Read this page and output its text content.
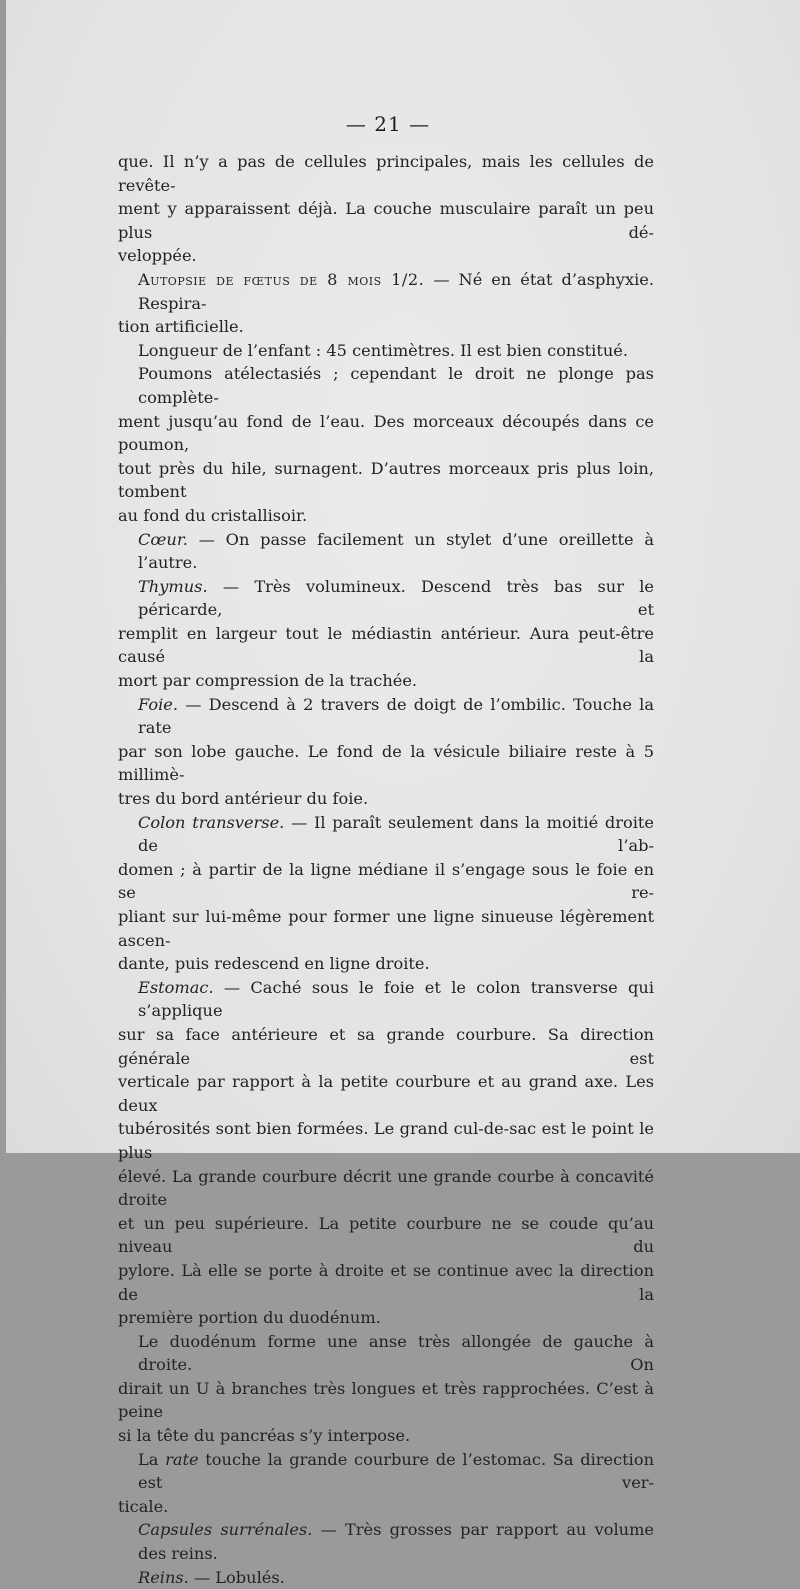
— 21 —
que. Il n’y a pas de cellules principales, mais les cellules de revête-
ment y apparaissent déjà. La couche musculaire paraît un peu plus dé-
veloppée.
Autopsie de fœtus de 8 mois 1/2. — Né en état d’asphyxie. Respira-
tion artificielle.
Longueur de l’enfant : 45 centimètres. Il est bien constitué.
Poumons atélectasiés ; cependant le droit ne plonge pas complète-
ment jusqu’au fond de l’eau. Des morceaux découpés dans ce poumon,
tout près du hile, surnagent. D’autres morceaux pris plus loin, tombent
au fond du cristallisoir.
Cœur. — On passe facilement un stylet d’une oreillette à l’autre.
Thymus. — Très volumineux. Descend très bas sur le péricarde, et
remplit en largeur tout le médiastin antérieur. Aura peut-être causé la
mort par compression de la trachée.
Foie. — Descend à 2 travers de doigt de l’ombilic. Touche la rate
par son lobe gauche. Le fond de la vésicule biliaire reste à 5 millimè-
tres du bord antérieur du foie.
Colon transverse. — Il paraît seulement dans la moitié droite de l’ab-
domen ; à partir de la ligne médiane il s’engage sous le foie en se re-
pliant sur lui-même pour former une ligne sinueuse légèrement ascen-
dante, puis redescend en ligne droite.
Estomac. — Caché sous le foie et le colon transverse qui s’applique
sur sa face antérieure et sa grande courbure. Sa direction générale est
verticale par rapport à la petite courbure et au grand axe. Les deux
tubérosités sont bien formées. Le grand cul-de-sac est le point le plus
élevé. La grande courbure décrit une grande courbe à concavité droite
et un peu supérieure. La petite courbure ne se coude qu’au niveau du
pylore. Là elle se porte à droite et se continue avec la direction de la
première portion du duodénum.
Le duodénum forme une anse très allongée de gauche à droite. On
dirait un U à branches très longues et très rapprochées. C’est à peine
si la tête du pancréas s’y interpose.
La rate touche la grande courbure de l’estomac. Sa direction est ver-
ticale.
Capsules surrénales. — Très grosses par rapport au volume des reins.
Reins. — Lobulés.
